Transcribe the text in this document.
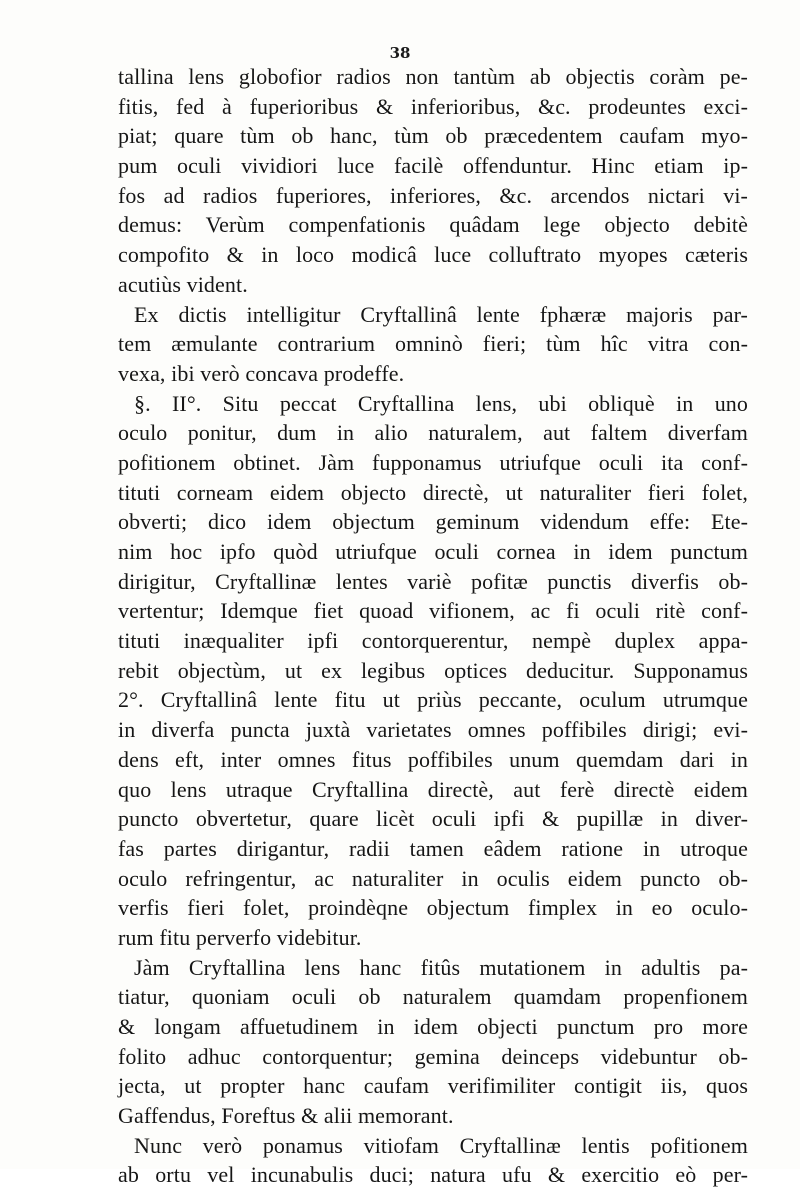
38
tallina lens globofior radios non tantùm ab objectis coràm pe-
fitis, fed à fuperioribus & inferioribus, &c. prodeuntes exci-
piat; quare tùm ob hanc, tùm ob præcedentem caufam myo-
pum oculi vividiori luce facilè offenduntur. Hinc etiam ip-
fos ad radios fuperiores, inferiores, &c. arcendos nictari vi-
demus: Verùm compenfationis quâdam lege objecto debitè
compofito & in loco modicâ luce colluftrato myopes cæteris
acutiùs vident.
Ex dictis intelligitur Cryftallinâ lente fphæræ majoris par-
tem æmulante contrarium omninò fieri; tùm hîc vitra con-
vexa, ibi verò concava prodeffe.
§. II°. Situ peccat Cryftallina lens, ubi obliquè in uno
oculo ponitur, dum in alio naturalem, aut faltem diverfam
pofitionem obtinet. Jàm fupponamus utriufque oculi ita conf-
tituti corneam eidem objecto directè, ut naturaliter fieri folet,
obverti; dico idem objectum geminum videndum effe: Ete-
nim hoc ipfo quòd utriufque oculi cornea in idem punctum
dirigitur, Cryftallinæ lentes variè pofitæ punctis diverfis ob-
vertentur; Idemque fiet quoad vifionem, ac fi oculi ritè conf-
tituti inæqualiter ipfi contorquerentur, nempè duplex appa-
rebit objectùm, ut ex legibus optices deducitur. Supponamus
2°. Cryftallinâ lente fitu ut priùs peccante, oculum utrumque
in diverfa puncta juxtà varietates omnes poffibiles dirigi; evi-
dens eft, inter omnes fitus poffibiles unum quemdam dari in
quo lens utraque Cryftallina directè, aut ferè directè eidem
puncto obvertetur, quare licèt oculi ipfi & pupillæ in diver-
fas partes dirigantur, radii tamen eâdem ratione in utroque
oculo refringentur, ac naturaliter in oculis eidem puncto ob-
verfis fieri folet, proindèqne objectum fimplex in eo oculo-
rum fitu perverfo videbitur.
Jàm Cryftallina lens hanc fitûs mutationem in adultis pa-
tiatur, quoniam oculi ob naturalem quamdam propenfionem
& longam affuetudinem in idem objecti punctum pro more
folito adhuc contorquentur; gemina deinceps videbuntur ob-
jecta, ut propter hanc caufam verifimiliter contigit iis, quos
Gaffendus, Foreftus & alii memorant.
Nunc verò ponamus vitiofam Cryftallinæ lentis pofitionem
ab ortu vel incunabulis duci; natura ufu & exercitio eò per-
